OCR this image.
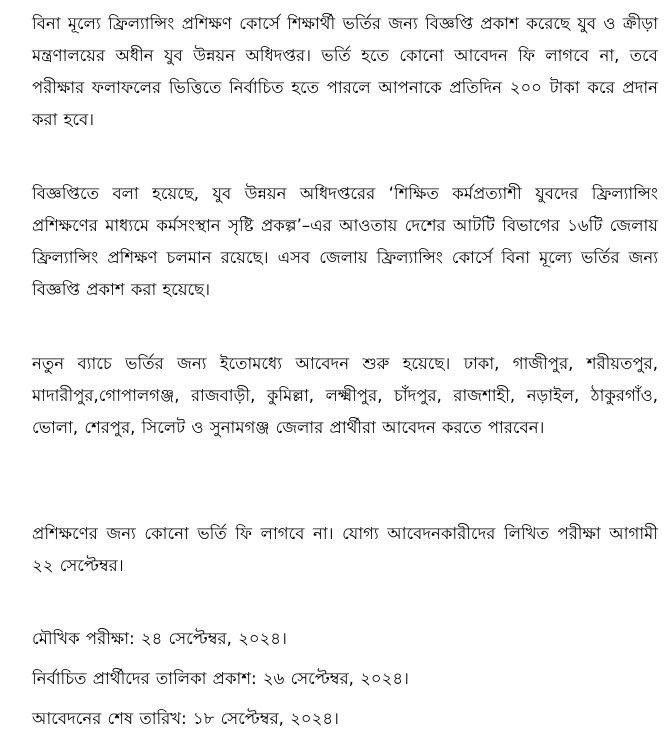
বিনা মূল্যে ফ্রিল্যান্সিং প্রশিক্ষণ কোর্সে শিক্ষার্থী ভর্তির জন্য বিজ্ঞপ্তি প্রকাশ করেছে যুব ও ক্রীড়া মন্ত্রণালয়ের অধীন যুব উন্নয়ন অধিদপ্তর। ভর্তি হতে কোনো আবেদন ফি লাগবে না, তবে পরীক্ষার ফলাফলের ভিত্তিতে নির্বাচিত হতে পারলে আপনাকে প্রতিদিন ২০০ টাকা করে প্রদান করা হবে।

বিজ্ঞপ্তিতে বলা হয়েছে, যুব উন্নয়ন অধিদপ্তরের ‘শিক্ষিত কর্মপ্রত্যাশী যুবদের ফ্রিল্যান্সিং প্রশিক্ষণের মাধ্যমে কর্মসংস্থান সৃষ্টি প্রকল্প’–এর আওতায় দেশের আটটি বিভাগের ১৬টি জেলায় ফ্রিল্যান্সিং প্রশিক্ষণ চলমান রয়েছে। এসব জেলায় ফ্রিল্যান্সিং কোর্সে বিনা মূল্যে ভর্তির জন্য বিজ্ঞপ্তি প্রকাশ করা হয়েছে।

নতুন ব্যাচে ভর্তির জন্য ইতোমধ্যে আবেদন শুরু হয়েছে। ঢাকা, গাজীপুর, শরীয়তপুর, মাদারীপুর,গোপালগঞ্জ, রাজবাড়ী, কুমিল্লা, লক্ষ্মীপুর, চাঁদপুর, রাজশাহী, নড়াইল, ঠাকুরগাঁও, ভোলা, শেরপুর, সিলেট ও সুনামগঞ্জ জেলার প্রার্থীরা আবেদন করতে পারবেন।

প্রশিক্ষণের জন্য কোনো ভর্তি ফি লাগবে না। যোগ্য আবেদনকারীদের লিখিত পরীক্ষা আগামী ২২ সেপ্টেম্বর।

মৌখিক পরীক্ষা: ২৪ সেপ্টেম্বর, ২০২৪।

নির্বাচিত প্রার্থীদের তালিকা প্রকাশ: ২৬ সেপ্টেম্বর, ২০২৪।

আবেদনের শেষ তারিখ: ১৮ সেপ্টেম্বর, ২০২৪।
